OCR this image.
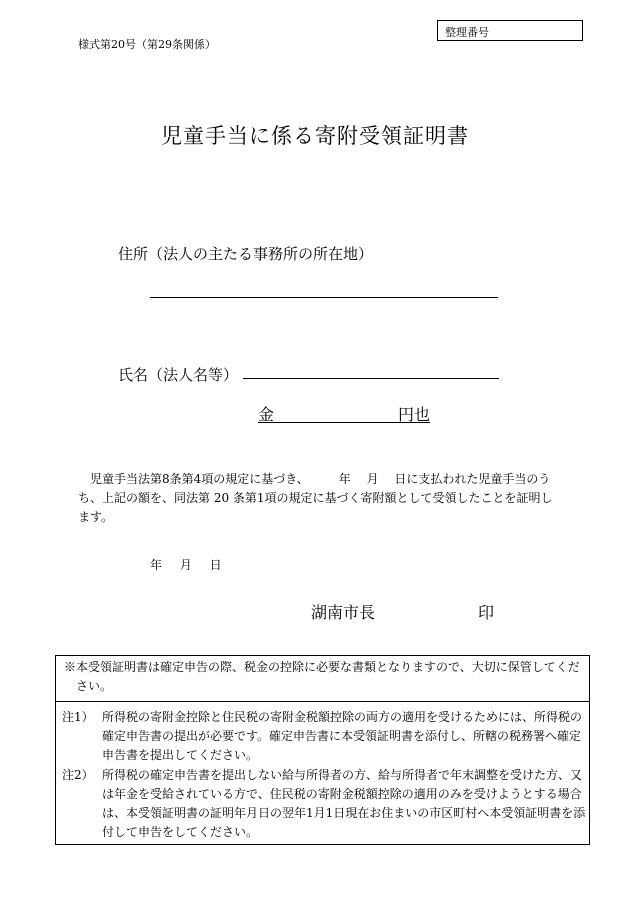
様式第20号（第29条関係）
整理番号
児童手当に係る寄附受領証明書
住所（法人の主たる事務所の所在地）
氏名（法人名等）
金	円也
　児童手当法第8条第4項の規定に基づき、　　　年　 月　 日に支払われた児童手当のうち、上記の額を、同法第 20 条第1項の規定に基づく寄附額として受領したことを証明します。
年 月 日
湖南市長	印
※本受領証明書は確定申告の際、税金の控除に必要な書類となりますので、大切に保管してください。
注1） 所得税の寄附金控除と住民税の寄附金税額控除の両方の適用を受けるためには、所得税の確定申告書の提出が必要です。確定申告書に本受領証明書を添付し、所轄の税務署へ確定申告書を提出してください。
注2） 所得税の確定申告書を提出しない給与所得者の方、給与所得者で年末調整を受けた方、又は年金を受給されている方で、住民税の寄附金税額控除の適用のみを受けようとする場合は、本受領証明書の証明年月日の翌年1月1日現在お住まいの市区町村へ本受領証明書を添付して申告をしてください。
